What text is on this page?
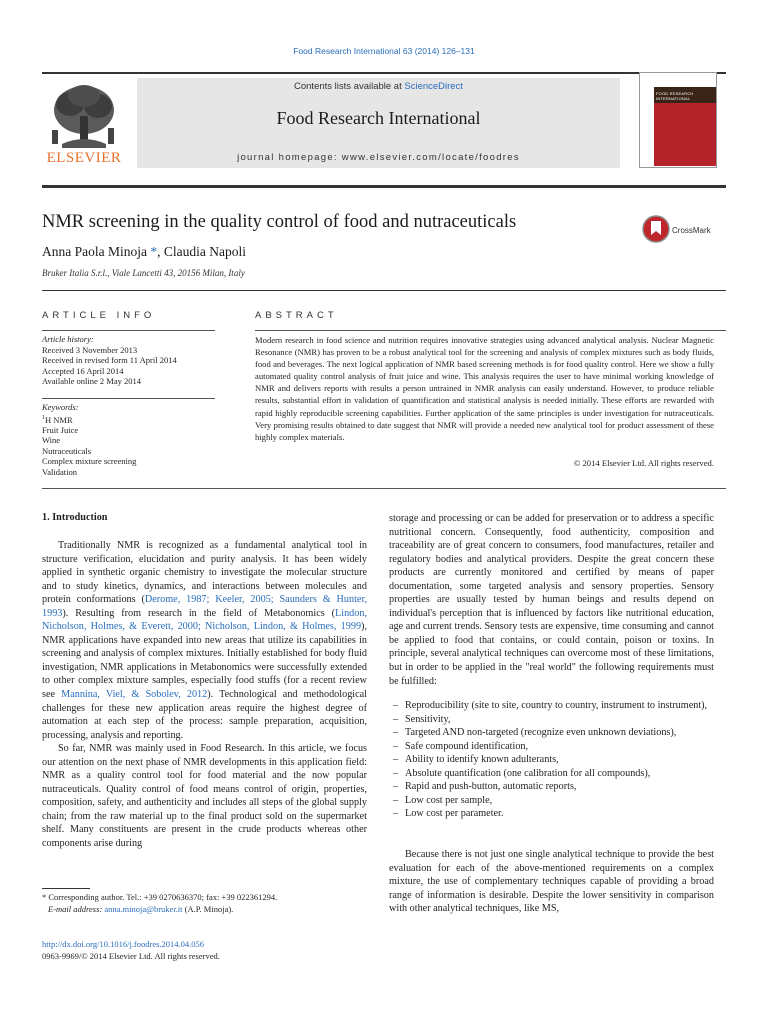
Food Research International 63 (2014) 126–131
ELSEVIER
Contents lists available at ScienceDirect
Food Research International
journal homepage: www.elsevier.com/locate/foodres
FOOD RESEARCH INTERNATIONAL
NMR screening in the quality control of food and nutraceuticals	CrossMark
Anna Paola Minoja *, Claudia Napoli
Bruker Italia S.r.l., Viale Lancetti 43, 20156 Milan, Italy
ARTICLE INFO
Article history:
Received 3 November 2013
Received in revised form 11 April 2014
Accepted 16 April 2014
Available online 2 May 2014
Keywords:
$^1$H NMR
Fruit Juice
Wine
Nutraceuticals
Complex mixture screening
Validation
ABSTRACT
Modern research in food science and nutrition requires innovative strategies using advanced analytical analysis. Nuclear Magnetic Resonance (NMR) has proven to be a robust analytical tool for the screening and analysis of complex mixtures such as body fluids, food and beverages. The next logical application of NMR based screening methods is for food quality control. Here we show a fully automated quality control analysis of fruit juice and wine. This analysis requires the user to have minimal working knowledge of NMR and delivers reports with results a person untrained in NMR analysis can easily understand. However, to produce reliable results, substantial effort in validation of quantification and statistical analysis is needed initially. These efforts are rewarded with rapid highly reproducible screening capabilities. Further application of the same principles is under investigation for nutraceuticals. Very promising results obtained to date suggest that NMR will provide a needed new analytical tool for product assessment of these highly complex materials.
© 2014 Elsevier Ltd. All rights reserved.
1. Introduction

Traditionally NMR is recognized as a fundamental analytical tool in structure verification, elucidation and purity analysis. It has been widely applied in synthetic organic chemistry to investigate the molecular structure and to study kinetics, dynamics, and interactions between molecules and protein conformations (Derome, 1987; Keeler, 2005; Saunders & Hunter, 1993). Resulting from research in the field of Metabonomics (Lindon, Nicholson, Holmes, & Everett, 2000; Nicholson, Lindon, & Holmes, 1999), NMR applications have expanded into new areas that utilize its capabilities in screening and analysis of complex mixtures. Initially established for body fluid investigation, NMR applications in Metabonomics were successfully extended to other complex mixture samples, especially food stuffs (for a recent review see Mannina, Viel, & Sobolev, 2012). Technological and methodological challenges for these new application areas require the highest degree of automation at each step of the process: sample preparation, acquisition, processing, analysis and reporting.

So far, NMR was mainly used in Food Research. In this article, we focus our attention on the next phase of NMR developments in this application field: NMR as a quality control tool for food material and the now popular nutraceuticals. Quality control of food means control of origin, properties, composition, safety, and authenticity and includes all steps of the global supply chain; from the raw material up to the final product sold on the supermarket shelf. Many constituents are present in the crude products whereas other components arise during

storage and processing or can be added for preservation or to address a specific nutritional concern. Consequently, food authenticity, composition and traceability are of great concern to consumers, food manufactures, retailer and regulatory bodies and analytical providers. Despite the great concern these products are currently monitored and certified by means of paper documentation, some targeted analysis and sensory properties. Sensory properties are usually tested by human beings and results depend on individual's perception that is influenced by factors like nutritional education, age and current trends. Sensory tests are expensive, time consuming and cannot be applied to food that contains, or could contain, poison or toxins. In principle, several analytical techniques can overcome most of these limitations, but in order to be applied in the "real world" the following requirements must be fulfilled:

– Reproducibility (site to site, country to country, instrument to instrument),
– Sensitivity,
– Targeted AND non-targeted (recognize even unknown deviations),
– Safe compound identification,
– Ability to identify known adulterants,
– Absolute quantification (one calibration for all compounds),
– Rapid and push-button, automatic reports,
– Low cost per sample,
– Low cost per parameter.

Because there is not just one single analytical technique to provide the best evaluation for each of the above-mentioned requirements on a complex mixture, the use of complementary techniques capable of providing a broad range of information is desirable. Despite the lower sensitivity in comparison with other analytical techniques, like MS,

* Corresponding author. Tel.: +39 0270636370; fax: +39 022361294.
E-mail address: anna.minoja@bruker.it (A.P. Minoja).
http://dx.doi.org/10.1016/j.foodres.2014.04.056
0963-9969/© 2014 Elsevier Ltd. All rights reserved.
